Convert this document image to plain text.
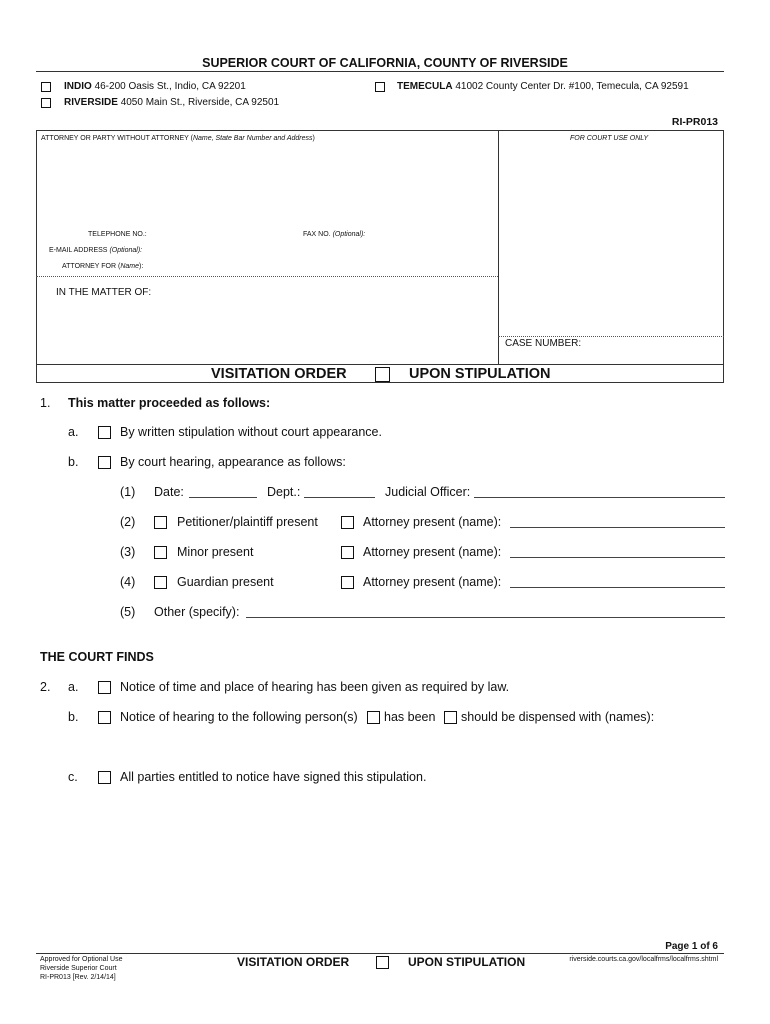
SUPERIOR COURT OF CALIFORNIA, COUNTY OF RIVERSIDE
INDIO 46-200 Oasis St., Indio, CA 92201	TEMECULA 41002 County Center Dr. #100, Temecula, CA 92591
RIVERSIDE 4050 Main St., Riverside, CA 92501
RI-PR013
ATTORNEY OR PARTY WITHOUT ATTORNEY (Name, State Bar Number and Address)	FOR COURT USE ONLY
TELEPHONE NO.:	FAX NO. (Optional):
E-MAIL ADDRESS (Optional):
ATTORNEY FOR (Name):
IN THE MATTER OF:
CASE NUMBER:
VISITATION ORDER	UPON STIPULATION
1. This matter proceeded as follows:
a.	By written stipulation without court appearance.
b.	By court hearing, appearance as follows:
(1) Date:	Dept.:	Judicial Officer:
(2)	Petitioner/plaintiff present	Attorney present (name):
(3)	Minor present	Attorney present (name):
(4)	Guardian present	Attorney present (name):
(5) Other (specify):
THE COURT FINDS
2. a.	Notice of time and place of hearing has been given as required by law.
b.	Notice of hearing to the following person(s) has been should be dispensed with (names):
c.	All parties entitled to notice have signed this stipulation.
Page 1 of 6
Approved for Optional Use
Riverside Superior Court
RI-PR013 [Rev. 2/14/14]
VISITATION ORDER	UPON STIPULATION	riverside.courts.ca.gov/localfrms/localfrms.shtml
